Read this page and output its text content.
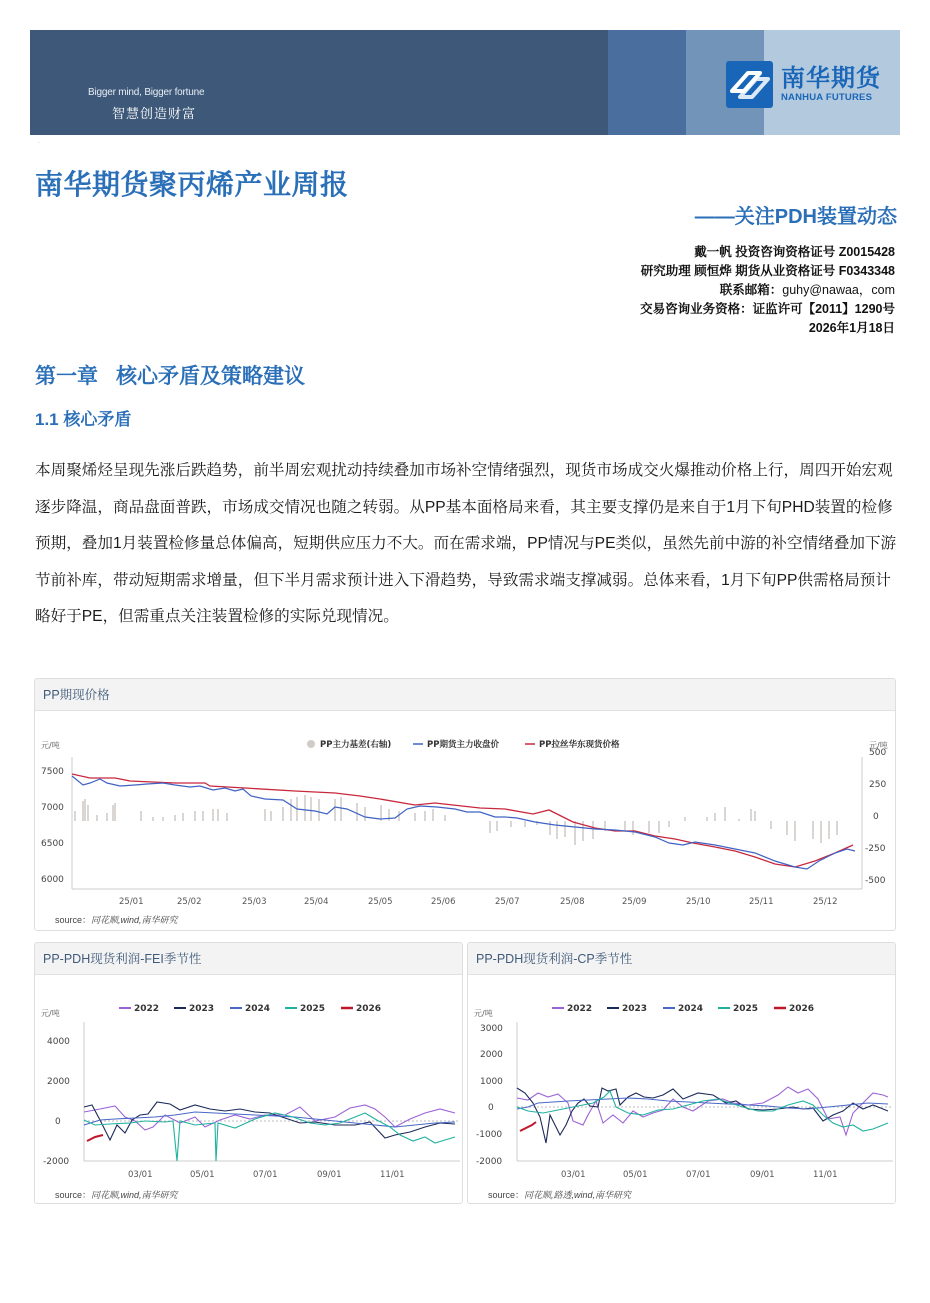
Bigger mind, Bigger fortune
智慧创造财富
南华期货
NANHUA FUTURES
·
南华期货聚丙烯产业周报
——关注PDH装置动态
戴一帆 投资咨询资格证号 Z0015428
研究助理 顾恒烨 期货从业资格证号 F0343348
联系邮箱：guhy@nawaa，com
交易咨询业务资格：证监许可【2011】1290号
2026年1月18日
第一章 核心矛盾及策略建议
1.1 核心矛盾
本周聚烯烃呈现先涨后跌趋势，前半周宏观扰动持续叠加市场补空情绪强烈，现货市场成交火爆推动价格上行，周四开始宏观逐步降温，商品盘面普跌，市场成交情况也随之转弱。从PP基本面格局来看，其主要支撑仍是来自于1月下旬PHD装置的检修预期，叠加1月装置检修量总体偏高，短期供应压力不大。而在需求端，PP情况与PE类似，虽然先前中游的补空情绪叠加下游节前补库，带动短期需求增量，但下半月需求预计进入下滑趋势，导致需求端支撑减弱。总体来看，1月下旬PP供需格局预计略好于PE，但需重点关注装置检修的实际兑现情况。
PP期现价格
元/吨	元/吨
PP主力基差(右轴)	PP期货主力收盘价	PP拉丝华东现货价格
7500
7000
6500
6000
500
250
0
-250
-500
25/01	25/02	25/03	25/04	25/05	25/06	25/07	25/08	25/09	25/10	25/11	25/12
source：同花顺,wind,南华研究
PP-PDH现货利润-FEI季节性
2022	2023	2024	2025	2026
元/吨
4000
2000
0
-2000
03/01	05/01	07/01	09/01	11/01
source：同花顺,wind,南华研究
PP-PDH现货利润-CP季节性
2022	2023	2024	2025	2026
元/吨
3000
2000
1000
0
-1000
-2000
03/01	05/01	07/01	09/01	11/01
source：同花顺,路透,wind,南华研究
